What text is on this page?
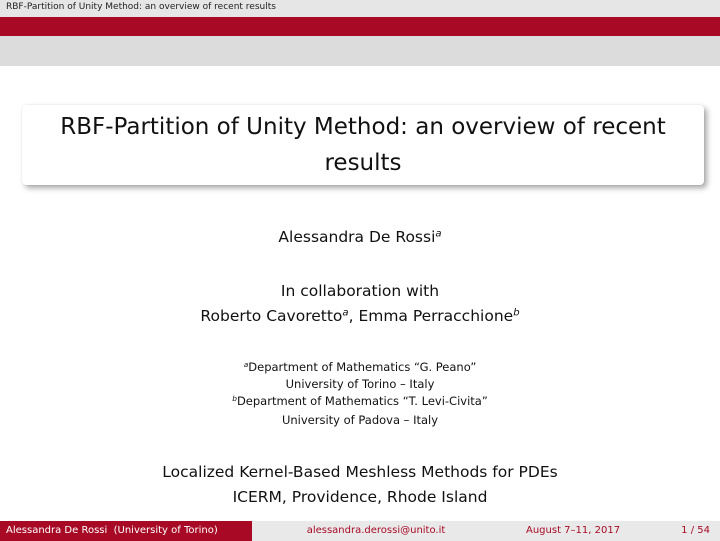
RBF-Partition of Unity Method: an overview of recent results
RBF-Partition of Unity Method: an overview of recent results
Alessandra De Rossi$^a$
In collaboration with
Roberto Cavoretto$^a$, Emma Perracchione$^b$
$^a$Department of Mathematics “G. Peano”
University of Torino – Italy
$^b$Department of Mathematics “T. Levi-Civita”
University of Padova – Italy
Localized Kernel-Based Meshless Methods for PDEs
ICERM, Providence, Rhode Island
Alessandra De Rossi  (University of Torino)	alessandra.derossi@unito.it	August 7–11, 2017	1 / 54
